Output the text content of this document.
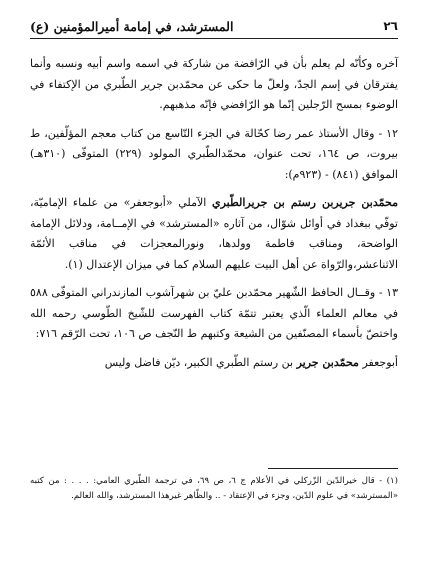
٢٦
المسترشد، في إمامة أميرالمؤمنين (ع)

آخره وكأنّه لم يعلم بأن في الرّافضة من شاركة في اسمه واسم أبيه ونسبه وأنما يفترقان في إسم الجدّ، ولعلّ ما حكى عن محمّدبن جرير الطّبري من الإكتفاء في الوضوء بمسح الرّجلين إنّما هو الرّافضي فإنّه مذهبهم.

١٢ - وقال الأستاذ عمر رضا كحّالة في الجزء التّاسع من كتاب معجم المؤلّفين، ط بيروت، ص ١٦٤، تحت عنوان، محمّدالطّبري المولود (٢٢٩) المتوفّى (٣١٠هـ) الموافق (٨٤١) - (٩٢٣م):

محمّدبن جريربن رستم بن جريرالطّبري الآملي «أبوجعفر» من علماء الإماميّة، توفّي ببغداد في أوائل شوّال، من آثاره «المسترشد» في الإمــامة، ودلائل الإمامة الواضحة، ومناقب فاطمة وولدها، ونورالمعجزات في مناقب الأئمّة الاثناعشر،والرّواة عن أهل البيت عليهم السلام كما في ميزان الإعتدال (١).

١٣ - وقــال الحافظ الشّهير محمّدبن عليّ بن شهرآشوب المازندراني المتوفّى ٥٨٨ في معالم العلماء الّذي يعتبر تتمّة كتاب الفهرست للشّيخ الطّوسي رحمه الله واختصّ بأسماء المصنّفين من الشيعة وكتبهم ط النّجف ص ١٠٦، تحت الرّقم ٧١٦:

أبوجعفر محمّدبن جرير بن رستم الطّبري الكبير، ديّن فاضل وليس

(١) - قال خيرالدّين الزّركلي في الأعلام ج ٦، ص ٦٩، في ترجمة الطّبري العامي: . . . : من كتبه «المسترشد» في علوم الدّين، وجزء في الإعتقاد - .. والظّاهر غيرهذا المسترشد، والله العالم.
